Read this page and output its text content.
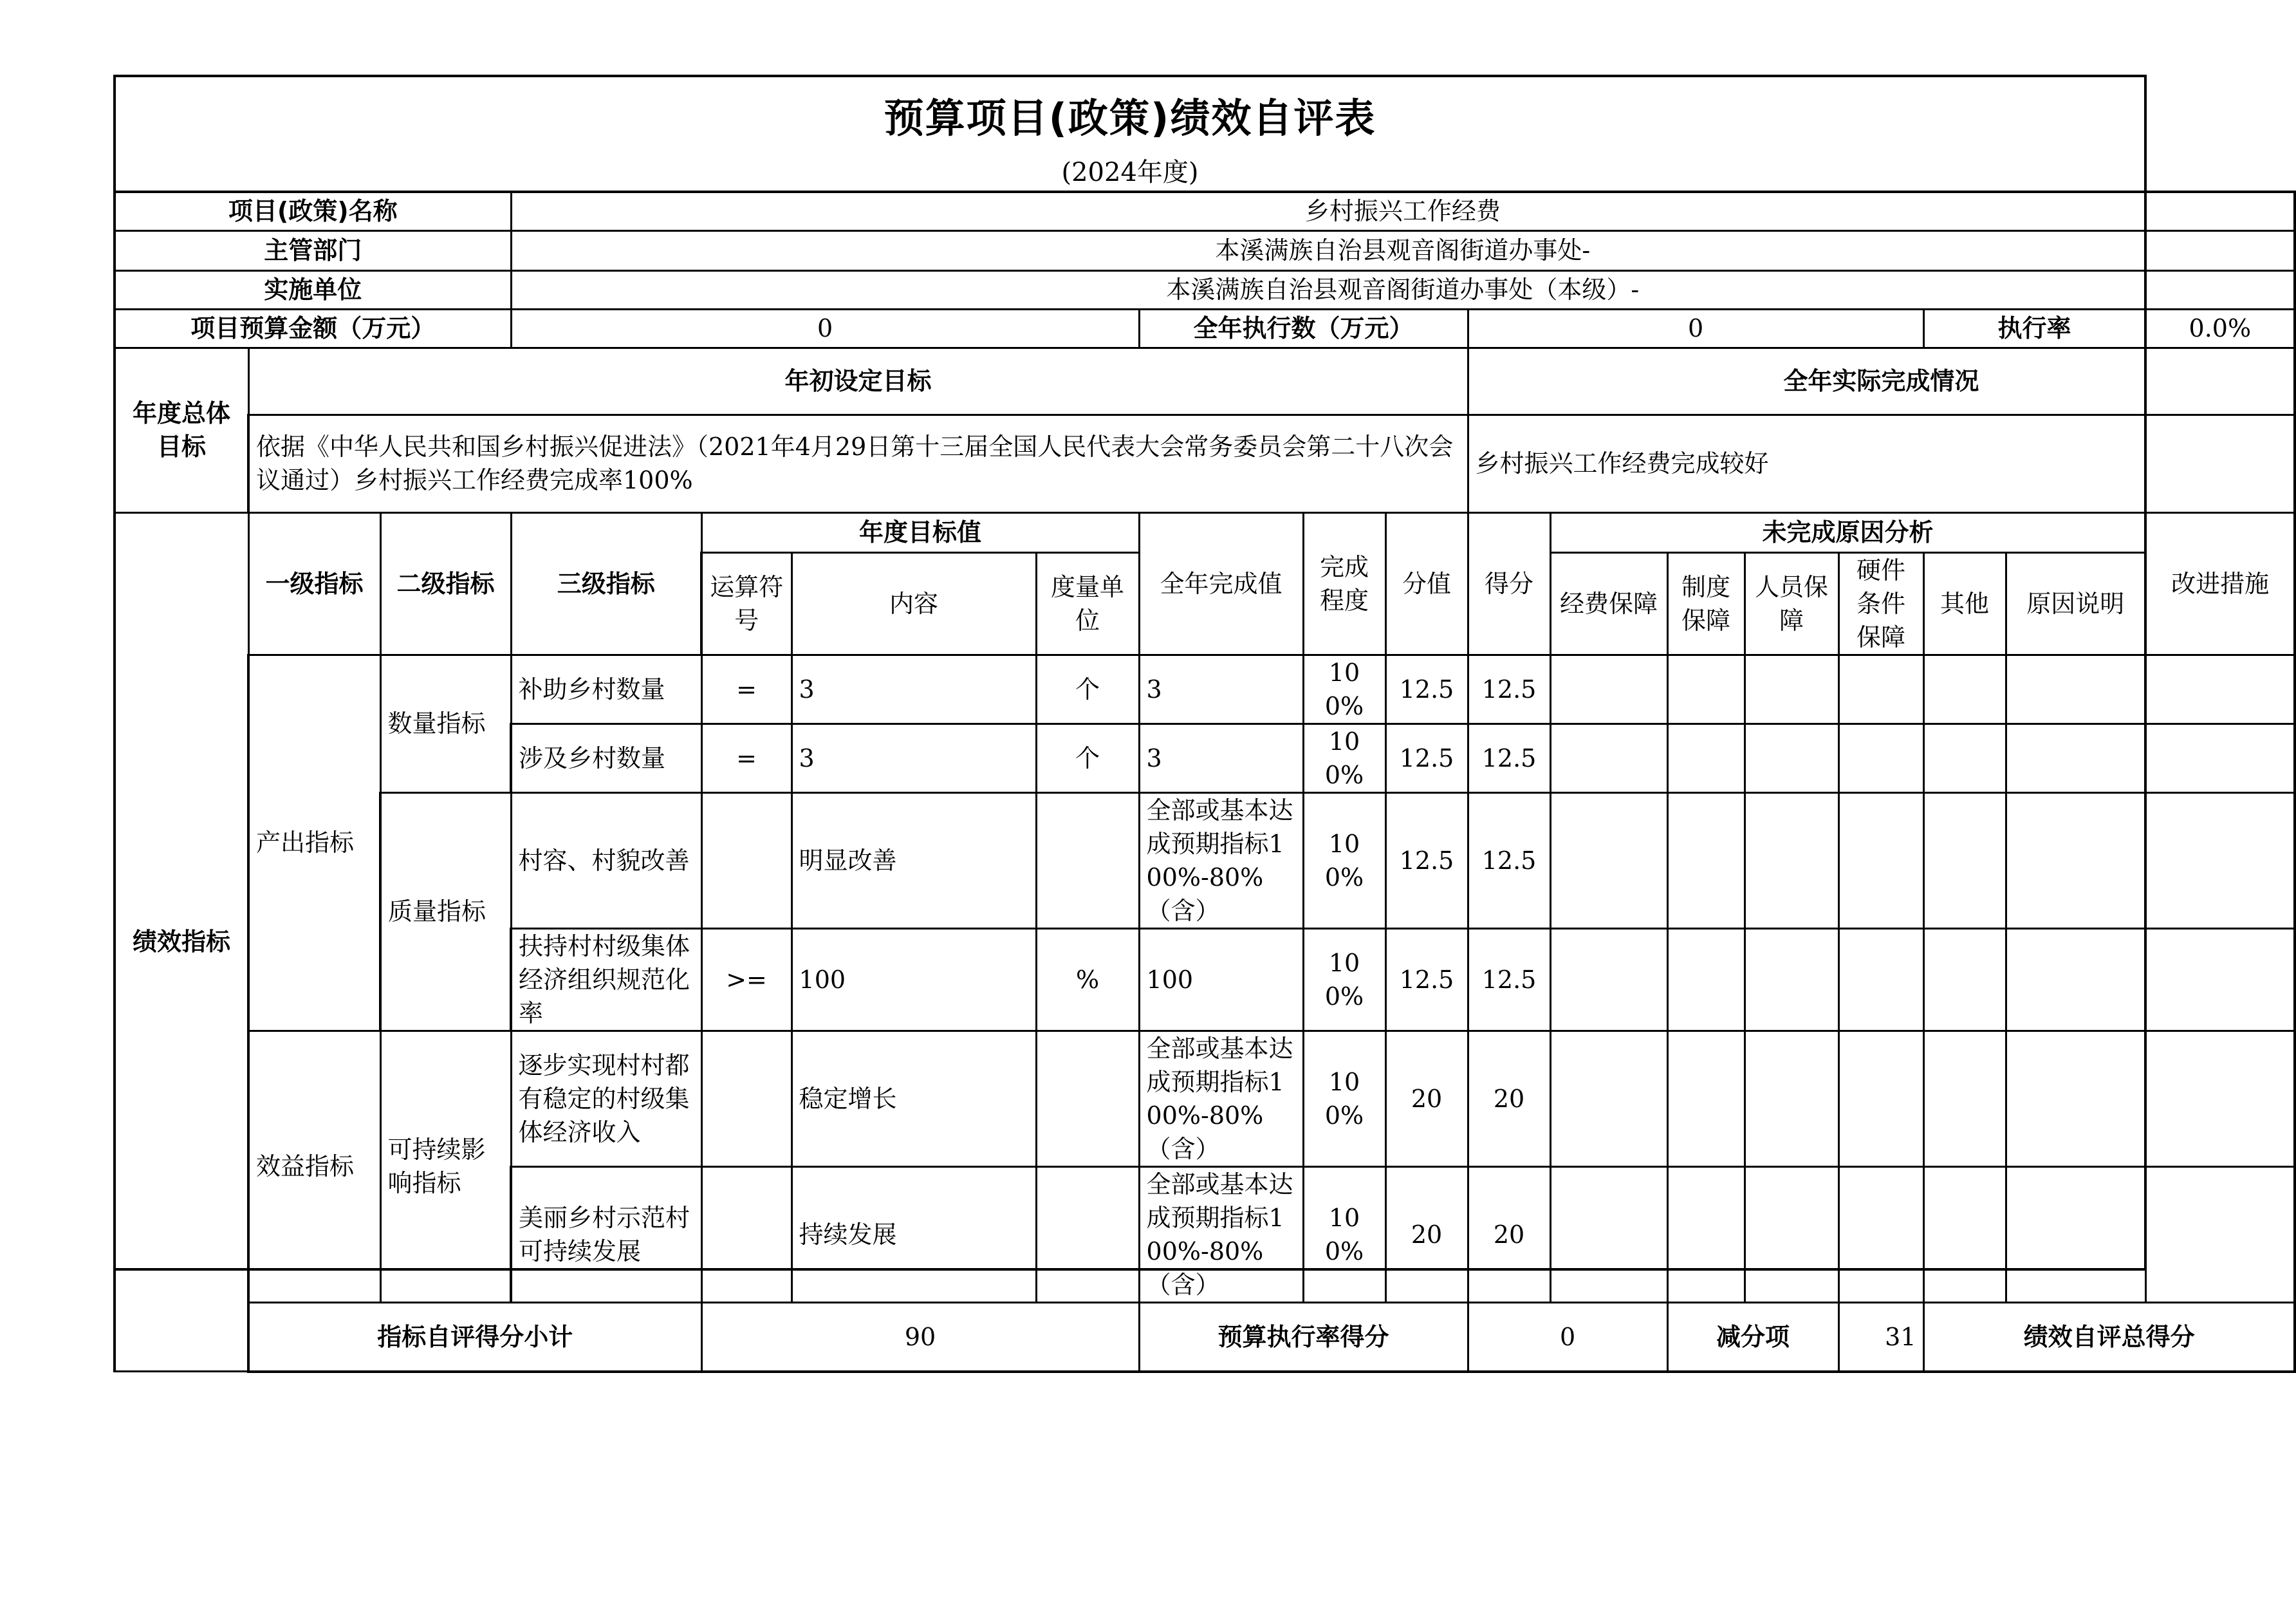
预算项目(政策)绩效自评表
(2024年度)
项目(政策)名称			乡村振兴工作经费															
主管部门			本溪满族自治县观音阁街道办事处-															
实施单位			本溪满族自治县观音阁街道办事处（本级）-															
项目预算金额（万元）			0				全年执行数（万元）			0					执行率		0.0%	
年度总体目标	年初设定目标									全年实际完成情况								
	依据《中华人民共和国乡村振兴促进法》（2021年4月29日第十三届全国人民代表大会常务委员会第二十八次会议通过）乡村振兴工作经费完成率100%									乡村振兴工作经费完成较好								
绩效指标	一级指标	二级指标	三级指标	年度目标值			全年完成值	完成程度	分值	得分	未完成原因分析						改进措施	
				运算符号	内容	度量单位					经费保障	制度保障	人员保障	硬件条件保障	其他	原因说明		
	产出指标	数量指标	补助乡村数量	=	3	个	3	100%	12.5	12.5								
			涉及乡村数量	=	3	个	3	100%	12.5	12.5								
		质量指标	村容、村貌改善		明显改善		全部或基本达成预期指标100%-80%（含）	100%	12.5	12.5								
			扶持村村级集体经济组织规范化率	>=	100	%	100	100%	12.5	12.5								
	效益指标	可持续影响指标	逐步实现村村都有稳定的村级集体经济收入		稳定增长		全部或基本达成预期指标100%-80%（含）	100%	20	20								
			美丽乡村示范村可持续发展		持续发展		全部或基本达成预期指标100%-80%（含）	100%	20	20								
	指标自评得分小计			90			预算执行率得分			0		减分项		31	绩效自评总得分	
